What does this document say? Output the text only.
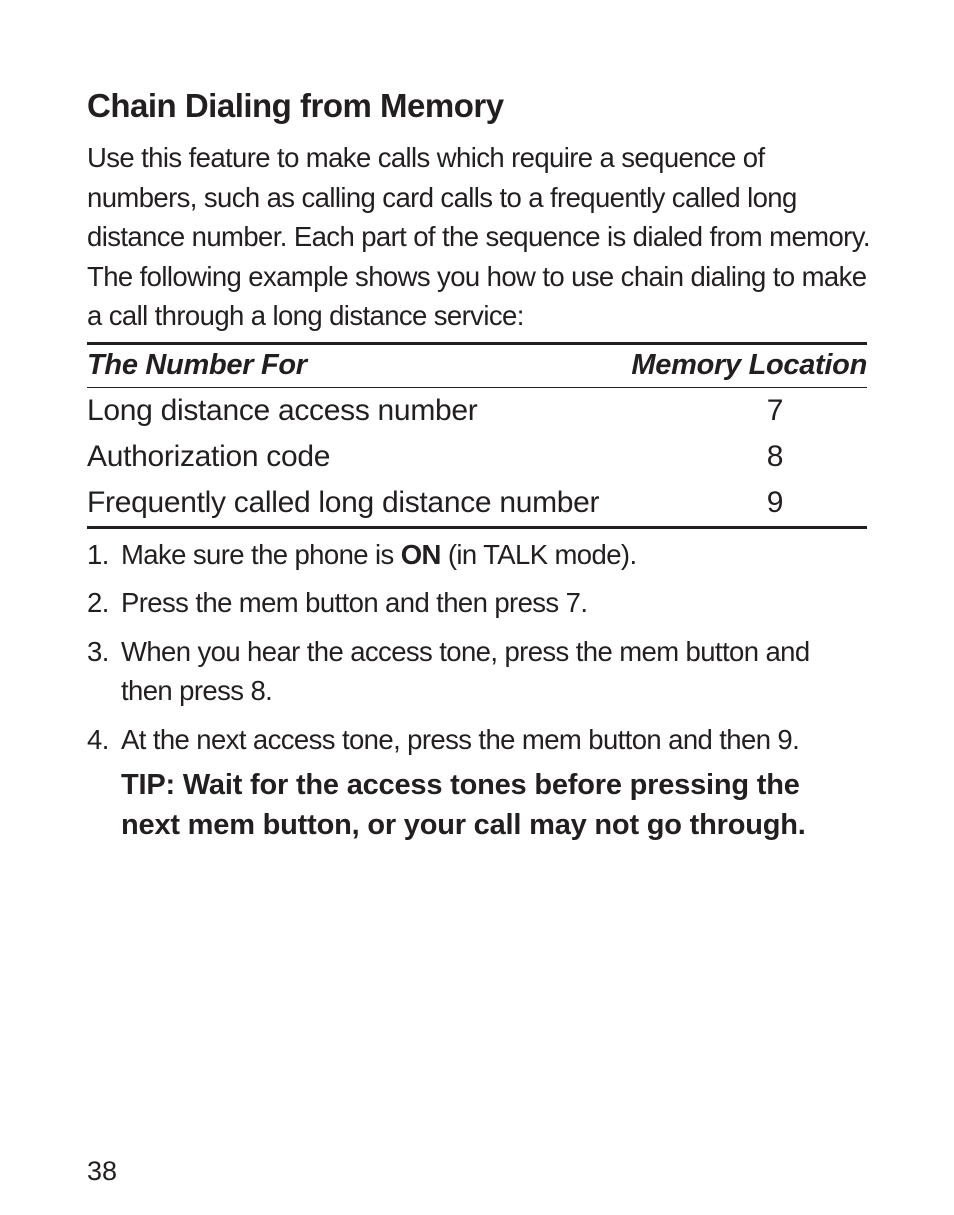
Chain Dialing from Memory

Use this feature to make calls which require a sequence of numbers, such as calling card calls to a frequently called long distance number. Each part of the sequence is dialed from memory. The following example shows you how to use chain dialing to make a call through a long distance service:

The Number For	Memory Location
Long distance access number	7
Authorization code	8
Frequently called long distance number	9
1. Make sure the phone is ON (in TALK mode).
2. Press the mem button and then press 7.
3. When you hear the access tone, press the mem button and then press 8.
4. At the next access tone, press the mem button and then 9.

TIP: Wait for the access tones before pressing the next mem button, or your call may not go through.

38
